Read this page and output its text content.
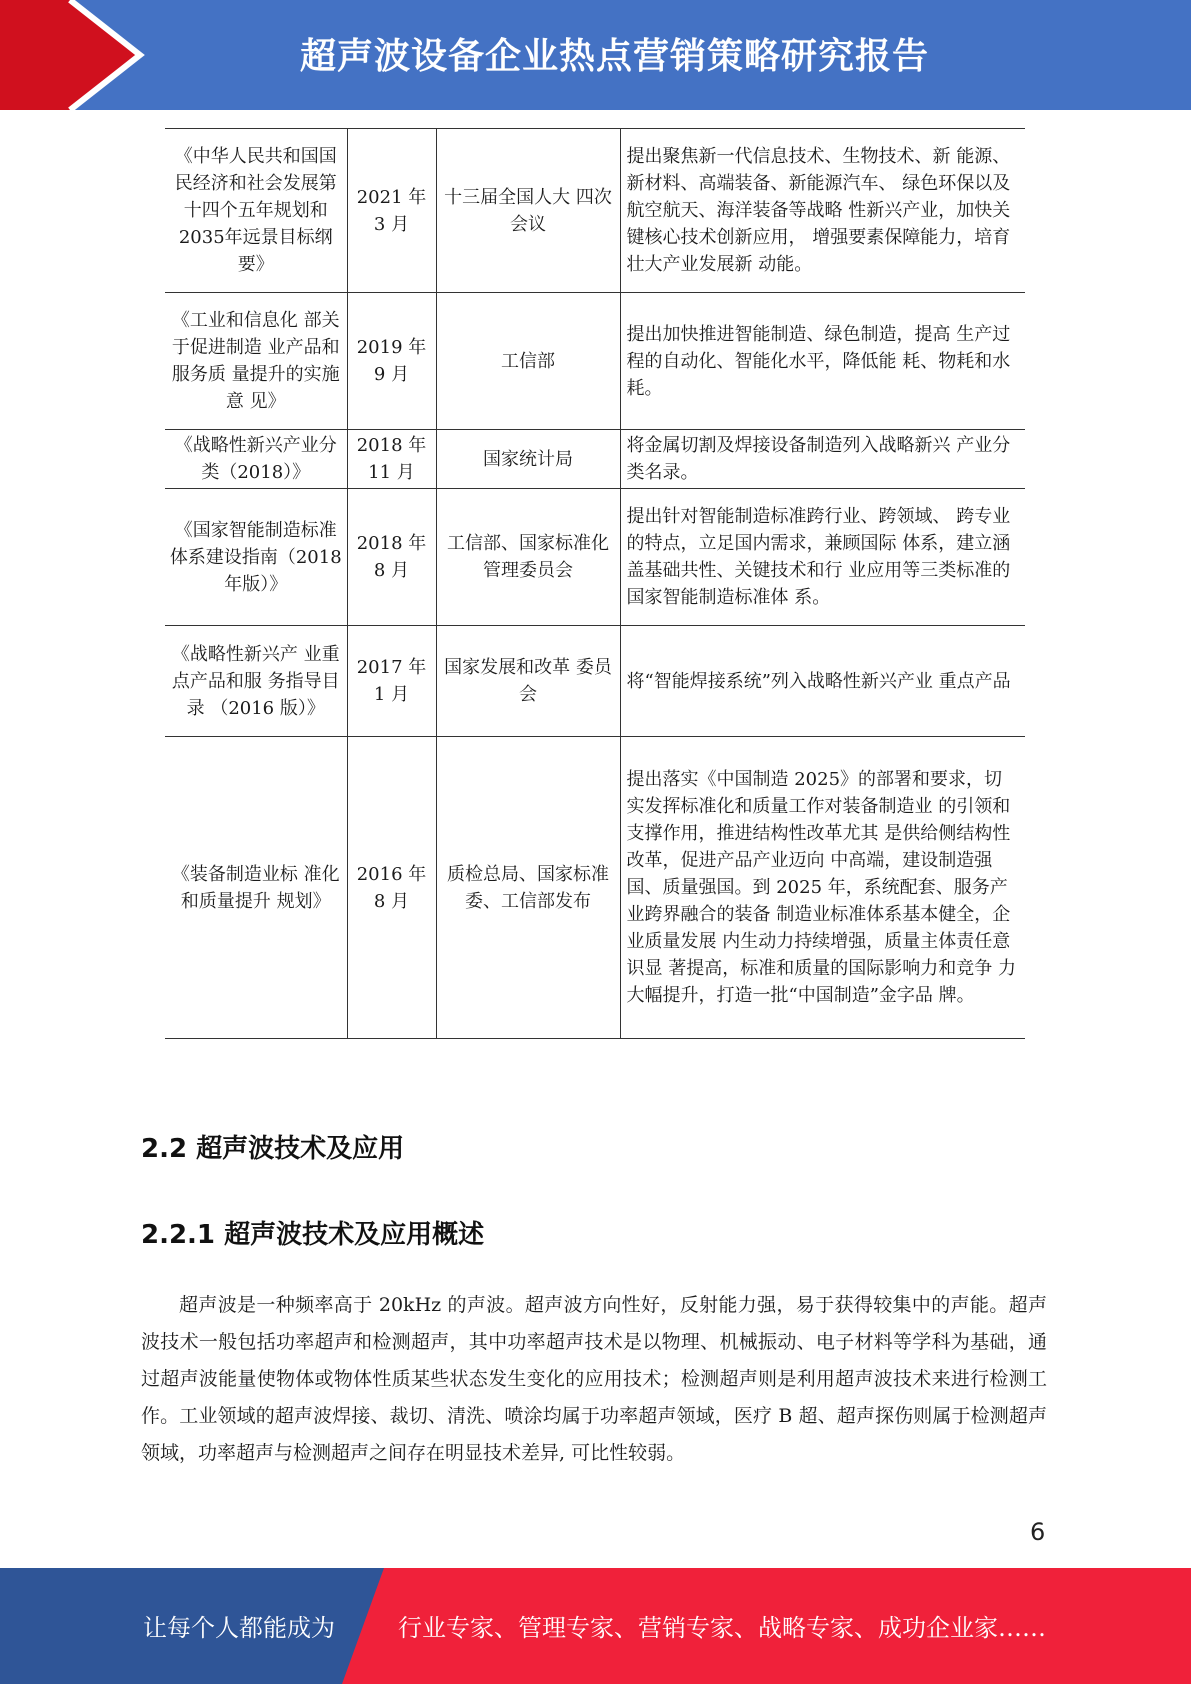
超声波设备企业热点营销策略研究报告
《中华人民共和国国民经济和社会发展第十四个五年规划和2035年远景目标纲 要》	2021 年 3 月	十三届全国人大 四次会议	提出聚焦新一代信息技术、生物技术、新 能源、新材料、高端装备、新能源汽车、 绿色环保以及航空航天、海洋装备等战略 性新兴产业，加快关键核心技术创新应用， 增强要素保障能力，培育壮大产业发展新 动能。
《工业和信息化 部关于促进制造 业产品和服务质 量提升的实施意 见》	2019 年 9 月	工信部	提出加快推进智能制造、绿色制造，提高 生产过程的自动化、智能化水平，降低能 耗、物耗和水耗。
《战略性新兴产业分类（2018）》	2018 年 11 月	国家统计局	将金属切割及焊接设备制造列入战略新兴 产业分类名录。
《国家智能制造标准体系建设指南（2018 年版）》	2018 年 8 月	工信部、国家标准化管理委员会	提出针对智能制造标准跨行业、跨领域、 跨专业的特点，立足国内需求，兼顾国际 体系，建立涵盖基础共性、关键技术和行 业应用等三类标准的国家智能制造标准体 系。
《战略性新兴产 业重点产品和服 务指导目录 （2016 版）》	2017 年 1 月	国家发展和改革 委员会	将“智能焊接系统”列入战略性新兴产业 重点产品
《装备制造业标 准化和质量提升 规划》	2016 年 8 月	质检总局、国家标准委、工信部发布	提出落实《中国制造 2025》的部署和要求，切实发挥标准化和质量工作对装备制造业 的引领和支撑作用，推进结构性改革尤其 是供给侧结构性改革，促进产品产业迈向 中高端，建设制造强国、质量强国。到 2025 年，系统配套、服务产业跨界融合的装备 制造业标准体系基本健全，企业质量发展 内生动力持续增强，质量主体责任意识显 著提高，标准和质量的国际影响力和竞争 力大幅提升，打造一批“中国制造”金字品 牌。
2.2 超声波技术及应用
2.2.1 超声波技术及应用概述

超声波是一种频率高于 20kHz 的声波。超声波方向性好，反射能力强，易于获得较集中的声能。超声波技术一般包括功率超声和检测超声，其中功率超声技术是以物理、机械振动、电子材料等学科为基础，通过超声波能量使物体或物体性质某些状态发生变化的应用技术；检测超声则是利用超声波技术来进行检测工作。工业领域的超声波焊接、裁切、清洗、喷涂均属于功率超声领域，医疗 B 超、超声探伤则属于检测超声领域，功率超声与检测超声之间存在明显技术差异, 可比性较弱。

6
让每个人都能成为	行业专家、管理专家、营销专家、战略专家、成功企业家……
